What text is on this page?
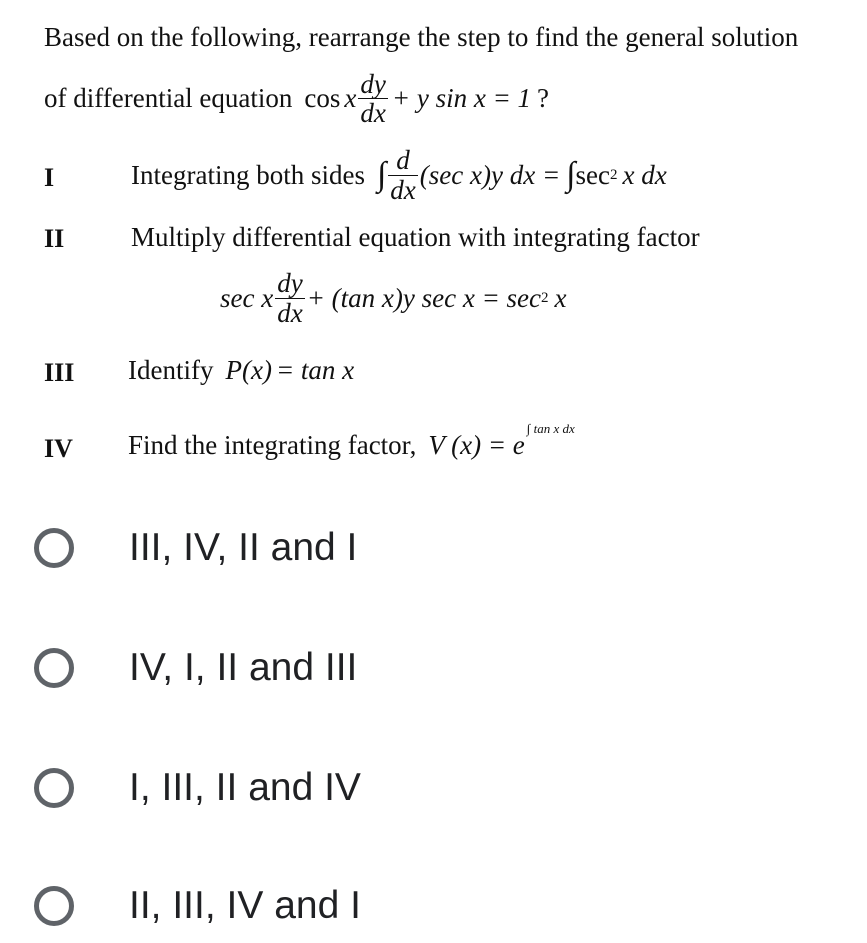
Based on the following, rearrange the step to find the general solution
of differential equation cos x $\frac{dy}{dx} + y$ sin x = 1 ?
I	Integrating both sides ∫ $\frac{d}{dx} (\sec$ x)y dx = ∫ sec 2 x dx
II Multiply differential equation with integrating factor
sec x $\frac{dy}{dx} + (\tan$ x)y sec x = sec 2 x
III Identify P(x) = tan x
IV Find the integrating factor, V (x) = e
∫ tan x dx
III, IV, II and I
IV, I, II and III
I, III, II and IV
II, III, IV and I
